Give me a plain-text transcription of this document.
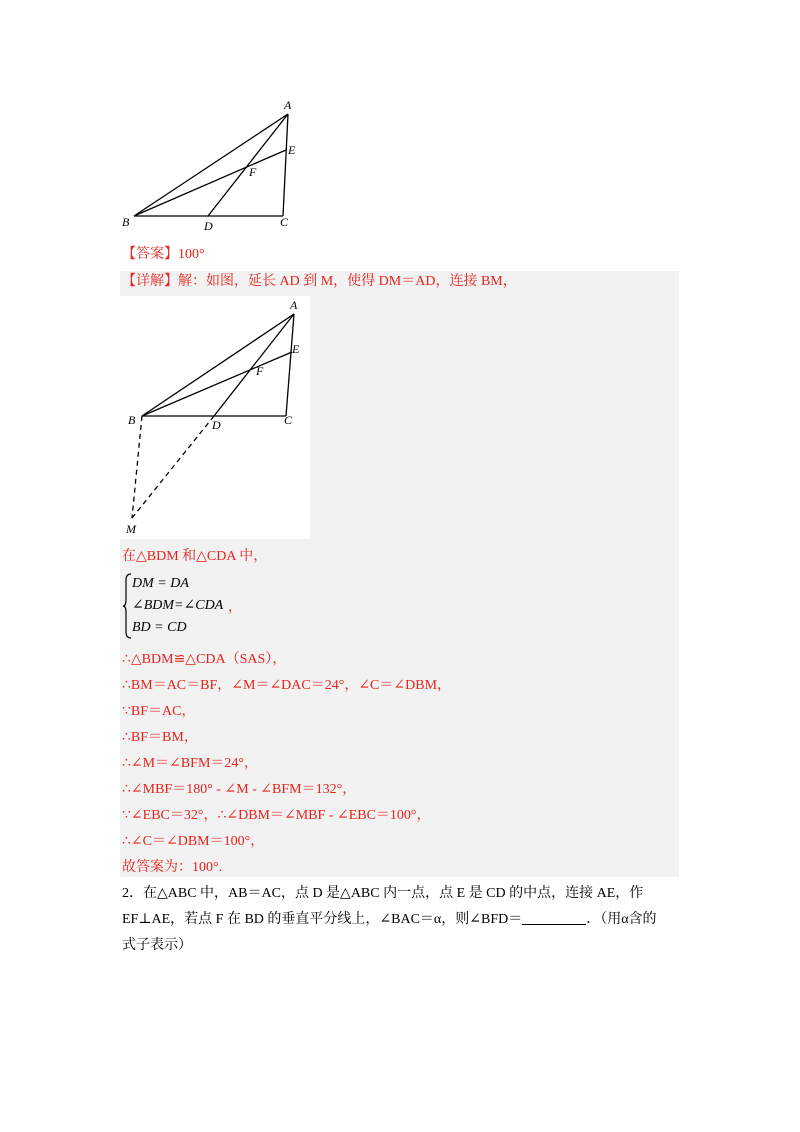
A
E
F
B	D	C
【答案】100°
【详解】解：如图，延长 AD 到 M，使得 DM＝AD，连接 BM，
A
E
F
B	D	C
M
在△BDM 和△CDA 中，
DM = DA
∠BDM=∠CDA
BD = CD
，
∴△BDM≌△CDA（SAS），
∴BM＝AC＝BF，∠M＝∠DAC＝24°，∠C＝∠DBM，
∵BF＝AC，
∴BF＝BM，
∴∠M＝∠BFM＝24°，
∴∠MBF＝180° - ∠M - ∠BFM＝132°，
∵∠EBC＝32°，∴∠DBM＝∠MBF - ∠EBC＝100°，
∴∠C＝∠DBM＝100°，
故答案为：100°.
2．在△ABC 中，AB＝AC，点 D 是△ABC 内一点，点 E 是 CD 的中点，连接 AE，作
EF⊥AE，若点 F 在 BD 的垂直平分线上，∠BAC＝α，则∠BFD＝	．（用α含的
式子表示）
